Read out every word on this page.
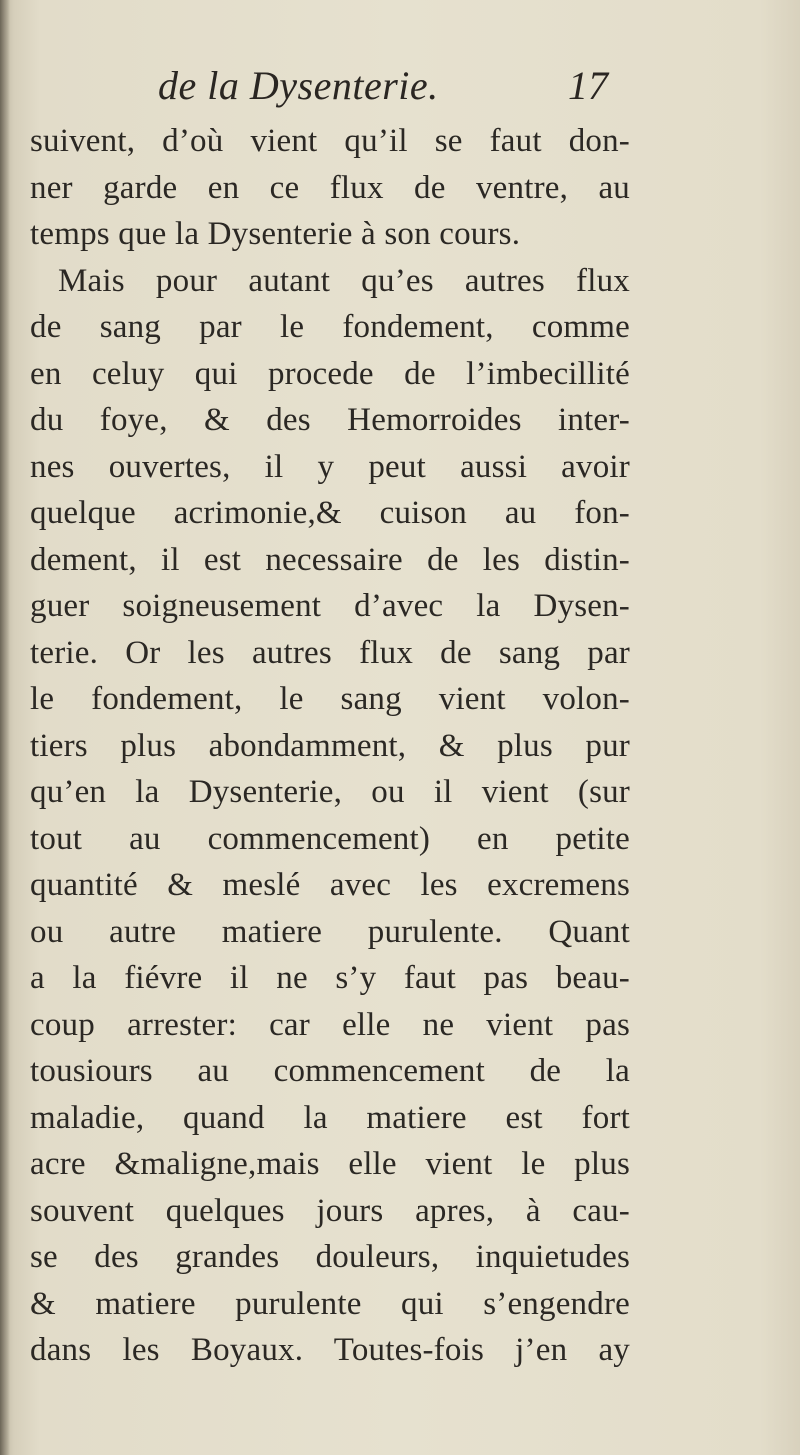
de la Dysenterie.	17
suivent, d’où vient qu’il se faut don-
ner garde en ce flux de ventre, au
temps que la Dysenterie à son cours.
Mais pour autant qu’es autres flux
de sang par le fondement, comme
en celuy qui procede de l’imbecillité
du foye, & des Hemorroides inter-
nes ouvertes, il y peut aussi avoir
quelque acrimonie,& cuison au fon-
dement, il est necessaire de les distin-
guer soigneusement d’avec la Dysen-
terie. Or les autres flux de sang par
le fondement, le sang vient volon-
tiers plus abondamment, & plus pur
qu’en la Dysenterie, ou il vient (sur
tout au commencement) en petite
quantité & meslé avec les excremens
ou autre matiere purulente. Quant
a la fiévre il ne s’y faut pas beau-
coup arrester: car elle ne vient pas
tousiours au commencement de la
maladie, quand la matiere est fort
acre &maligne,mais elle vient le plus
souvent quelques jours apres, à cau-
se des grandes douleurs, inquietudes
& matiere purulente qui s’engendre
dans les Boyaux. Toutes-fois j’en ay
